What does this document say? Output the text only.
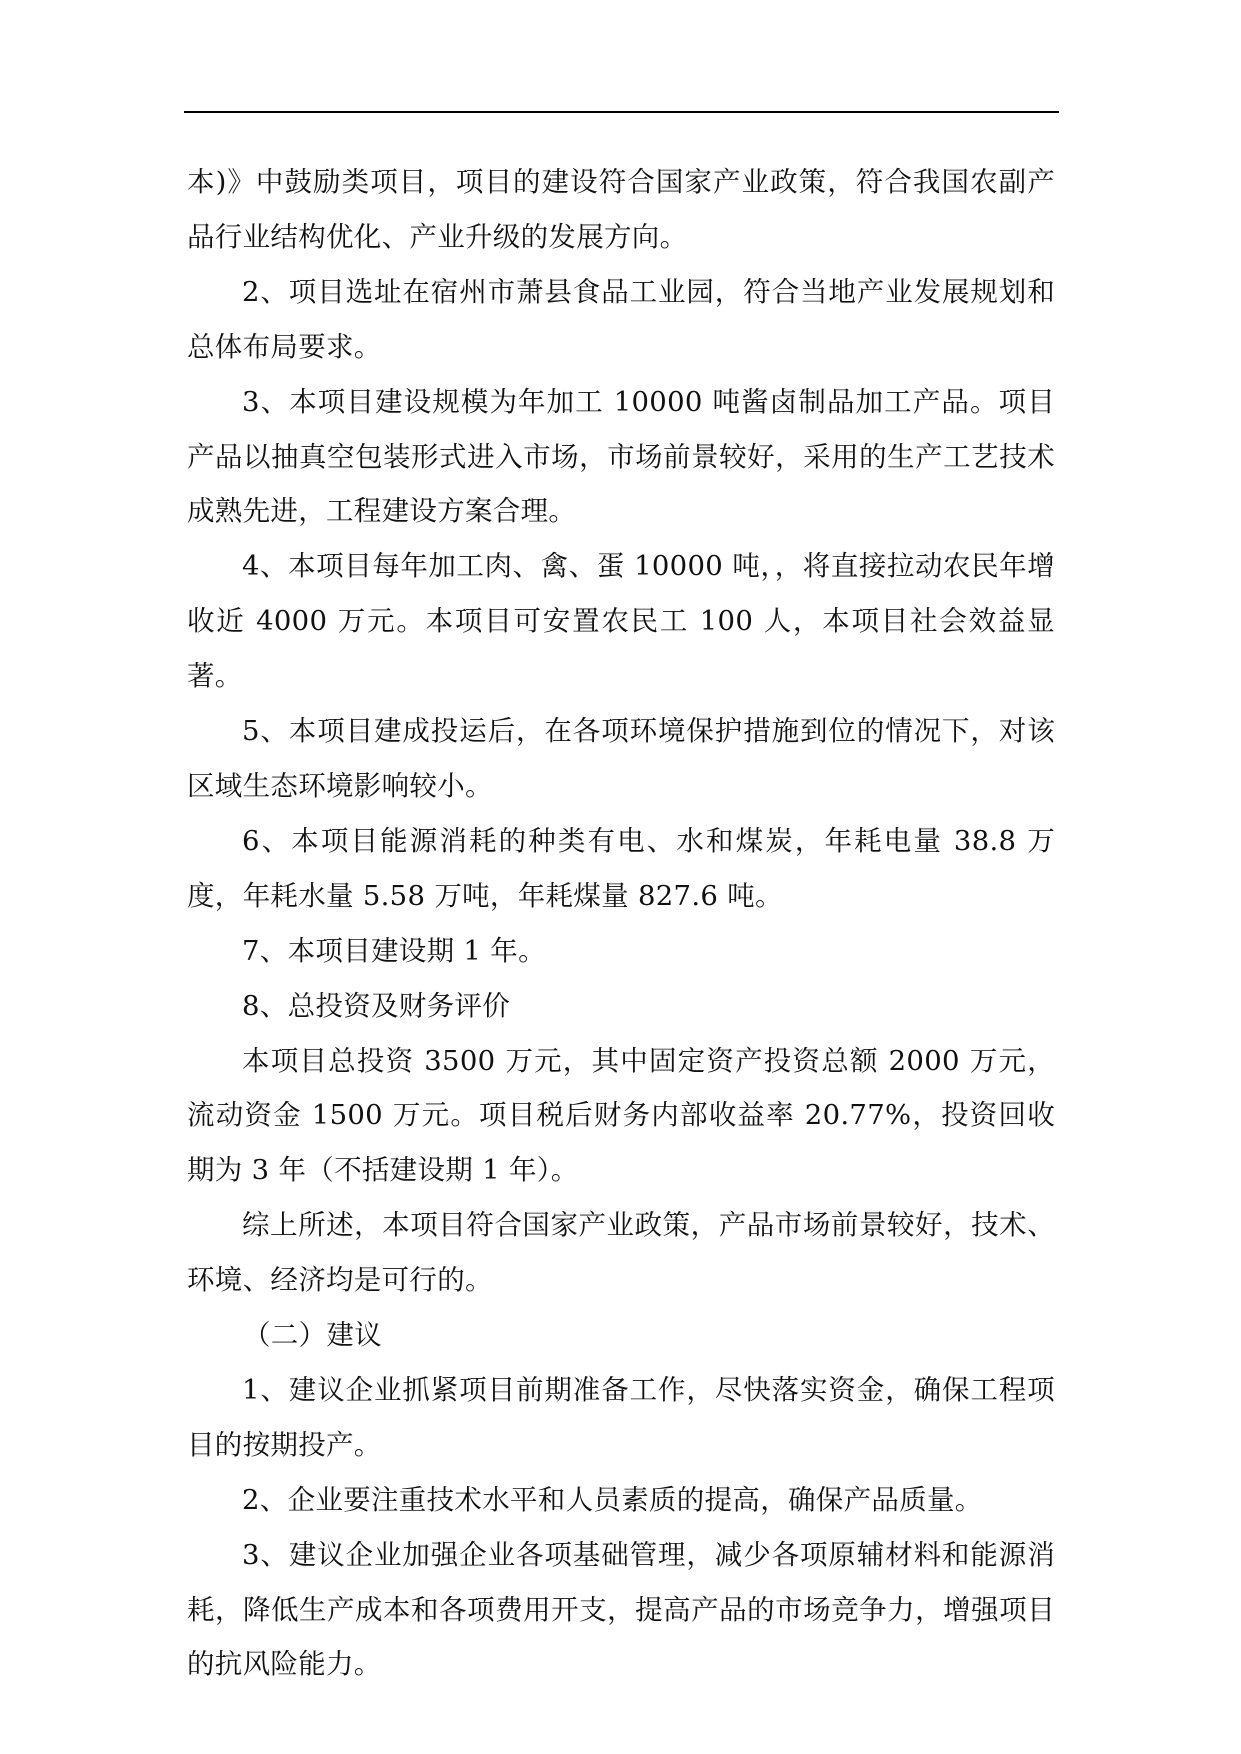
本)》中鼓励类项目，项目的建设符合国家产业政策，符合我国农副产品行业结构优化、产业升级的发展方向。

2、项目选址在宿州市萧县食品工业园，符合当地产业发展规划和总体布局要求。

3、本项目建设规模为年加工 10000 吨酱卤制品加工产品。项目产品以抽真空包装形式进入市场，市场前景较好，采用的生产工艺技术成熟先进，工程建设方案合理。

4、本项目每年加工肉、禽、蛋 10000 吨，，将直接拉动农民年增收近 4000 万元。本项目可安置农民工 100 人，本项目社会效益显著。

5、本项目建成投运后，在各项环境保护措施到位的情况下，对该区域生态环境影响较小。

6、本项目能源消耗的种类有电、水和煤炭，年耗电量 38.8 万度，年耗水量 5.58 万吨，年耗煤量 827.6 吨。

7、本项目建设期 1 年。

8、总投资及财务评价

本项目总投资 3500 万元，其中固定资产投资总额 2000 万元，流动资金 1500 万元。项目税后财务内部收益率 20.77%，投资回收期为 3 年（不括建设期 1 年）。

综上所述，本项目符合国家产业政策，产品市场前景较好，技术、环境、经济均是可行的。

（二）建议

1、建议企业抓紧项目前期准备工作，尽快落实资金，确保工程项目的按期投产。

2、企业要注重技术水平和人员素质的提高，确保产品质量。

3、建议企业加强企业各项基础管理，减少各项原辅材料和能源消耗，降低生产成本和各项费用开支，提高产品的市场竞争力，增强项目的抗风险能力。
